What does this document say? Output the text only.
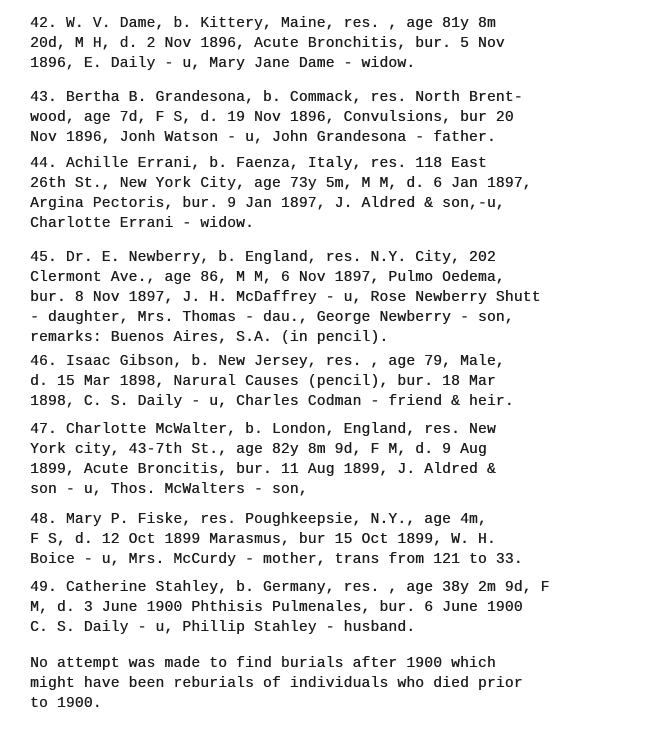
42. W. V. Dame, b. Kittery, Maine, res. , age 81y 8m
20d, M H, d. 2 Nov 1896, Acute Bronchitis, bur. 5 Nov
1896, E. Daily - u, Mary Jane Dame - widow.
43. Bertha B. Grandesona, b. Commack, res. North Brent-
wood, age 7d, F S, d. 19 Nov 1896, Convulsions, bur 20
Nov 1896, Jonh Watson - u, John Grandesona - father.
44. Achille Errani, b. Faenza, Italy, res. 118 East
26th St., New York City, age 73y 5m, M M, d. 6 Jan 1897,
Argina Pectoris, bur. 9 Jan 1897, J. Aldred & son,-u,
Charlotte Errani - widow.
45. Dr. E. Newberry, b. England, res. N.Y. City, 202
Clermont Ave., age 86, M M, 6 Nov 1897, Pulmo Oedema,
bur. 8 Nov 1897, J. H. McDaffrey - u, Rose Newberry Shutt
- daughter, Mrs. Thomas - dau., George Newberry - son,
remarks: Buenos Aires, S.A. (in pencil).
46. Isaac Gibson, b. New Jersey, res. , age 79, Male,
d. 15 Mar 1898, Narural Causes (pencil), bur. 18 Mar
1898, C. S. Daily - u, Charles Codman - friend & heir.
47. Charlotte McWalter, b. London, England, res. New
York city, 43-7th St., age 82y 8m 9d, F M, d. 9 Aug
1899, Acute Broncitis, bur. 11 Aug 1899, J. Aldred &
son - u, Thos. McWalters - son,
48. Mary P. Fiske, res. Poughkeepsie, N.Y., age 4m,
F S, d. 12 Oct 1899 Marasmus, bur 15 Oct 1899, W. H.
Boice - u, Mrs. McCurdy - mother, trans from 121 to 33.
49. Catherine Stahley, b. Germany, res. , age 38y 2m 9d, F
M, d. 3 June 1900 Phthisis Pulmenales, bur. 6 June 1900
C. S. Daily - u, Phillip Stahley - husband.
No attempt was made to find burials after 1900 which
might have been reburials of individuals who died prior
to 1900.
